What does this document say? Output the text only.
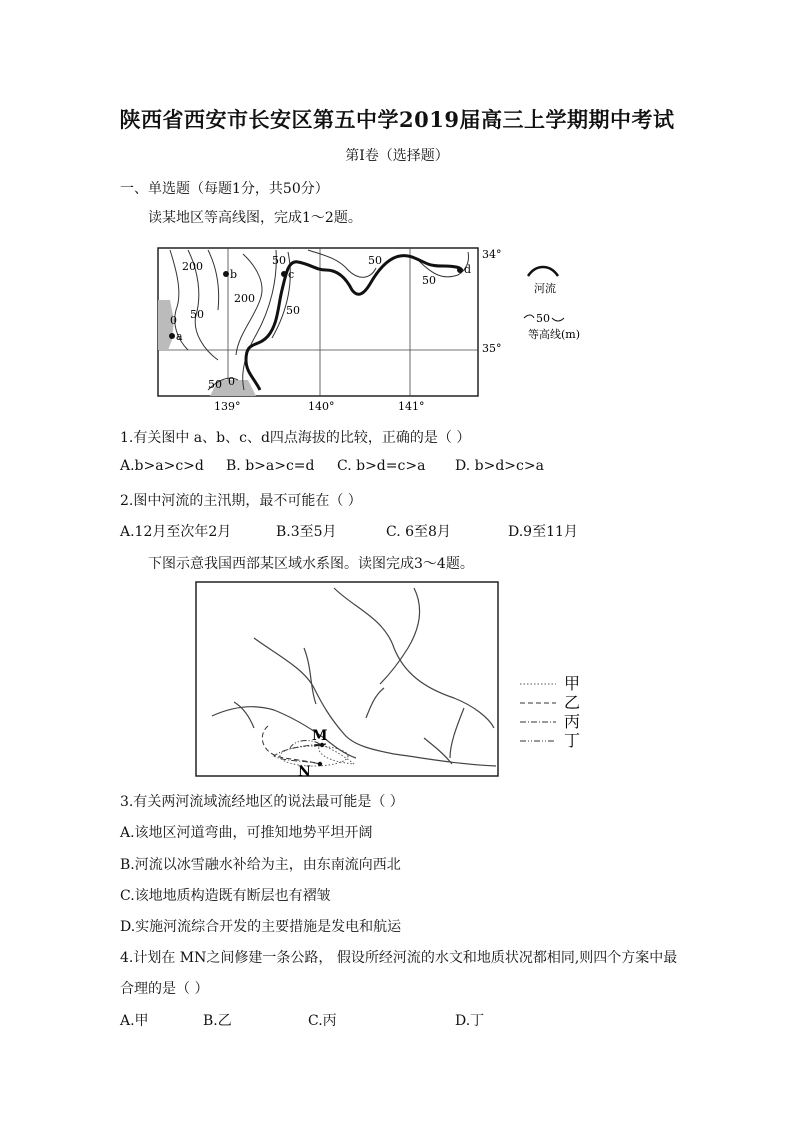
陕西省西安市长安区第五中学2019届高三上学期期中考试
第Ⅰ卷（选择题）
一、单选题（每题1分，共50分）
读某地区等高线图，完成1～2题。
a
b	c	d
200
200
0 50
50
50
50
50
50 0
34°
35°
139°	140°	141°
河流
50
等高线(m)
1.有关图中 a、b、c、d四点海拔的比较，正确的是（ ）
A.b>a>c>d B. b>a>c=d C. b>d=c>a D. b>d>c>a
2.图中河流的主汛期，最不可能在（ ）
A.12月至次年2月	B.3至5月	C. 6至8月	D.9至11月
下图示意我国西部某区域水系图。读图完成3～4题。
M
N
甲
乙
丙
丁
3.有关两河流域流经地区的说法最可能是（ ）
A.该地区河道弯曲，可推知地势平坦开阔
B.河流以冰雪融水补给为主，由东南流向西北
C.该地地质构造既有断层也有褶皱
D.实施河流综合开发的主要措施是发电和航运
4.计划在 MN之间修建一条公路， 假设所经河流的水文和地质状况都相同,则四个方案中最
合理的是（ ）
A.甲	B.乙	C.丙	D.丁
